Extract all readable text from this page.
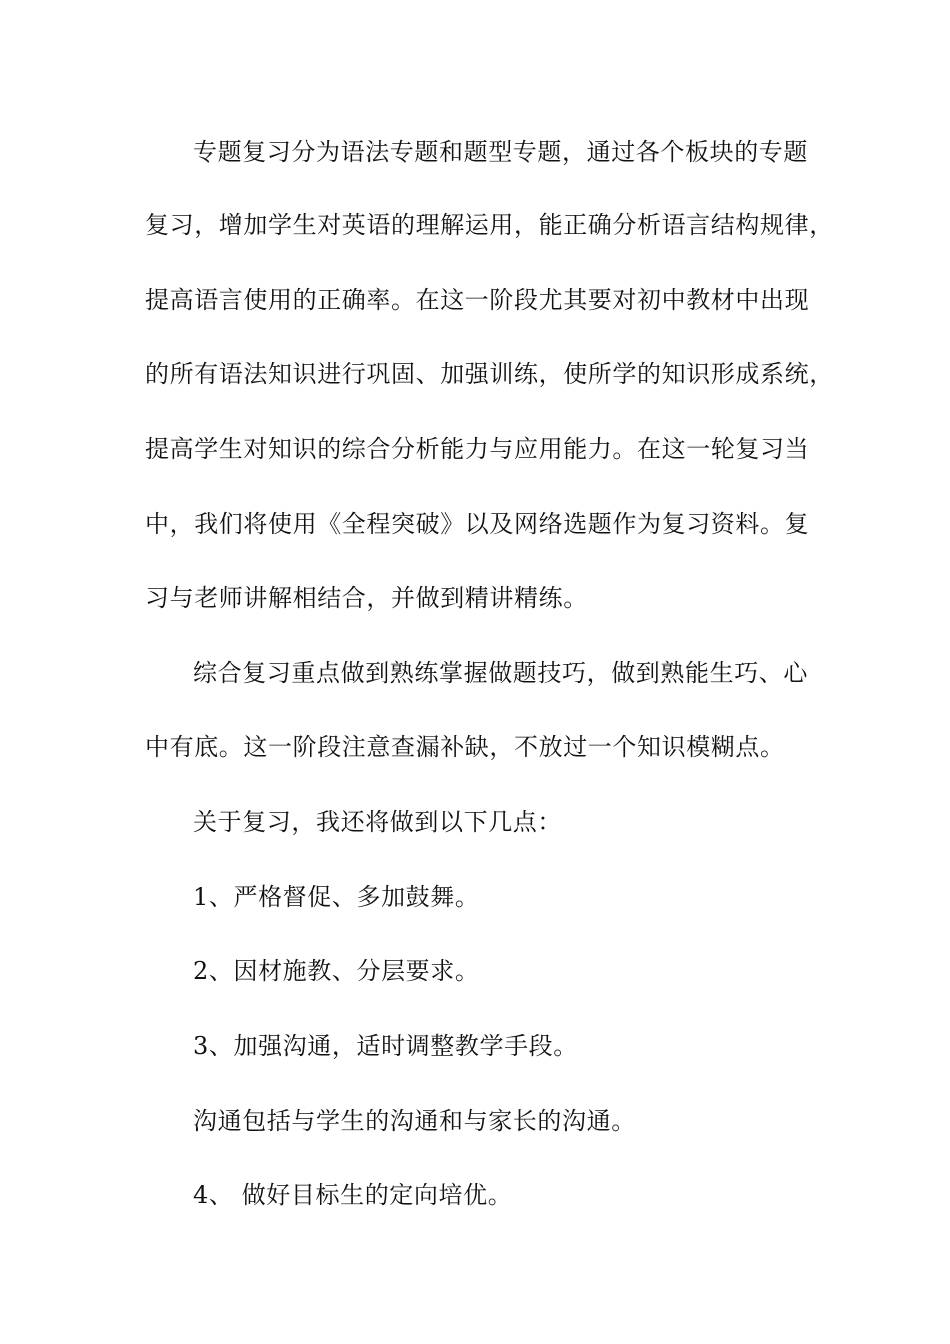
专题复习分为语法专题和题型专题，通过各个板块的专题

复习，增加学生对英语的理解运用，能正确分析语言结构规律，

提高语言使用的正确率。在这一阶段尤其要对初中教材中出现

的所有语法知识进行巩固、加强训练，使所学的知识形成系统，

提高学生对知识的综合分析能力与应用能力。在这一轮复习当

中，我们将使用《全程突破》以及网络选题作为复习资料。复

习与老师讲解相结合，并做到精讲精练。

综合复习重点做到熟练掌握做题技巧，做到熟能生巧、心

中有底。这一阶段注意查漏补缺，不放过一个知识模糊点。

关于复习，我还将做到以下几点：

1、严格督促、多加鼓舞。

2、因材施教、分层要求。

3、加强沟通，适时调整教学手段。

沟通包括与学生的沟通和与家长的沟通。

4、 做好目标生的定向培优。
